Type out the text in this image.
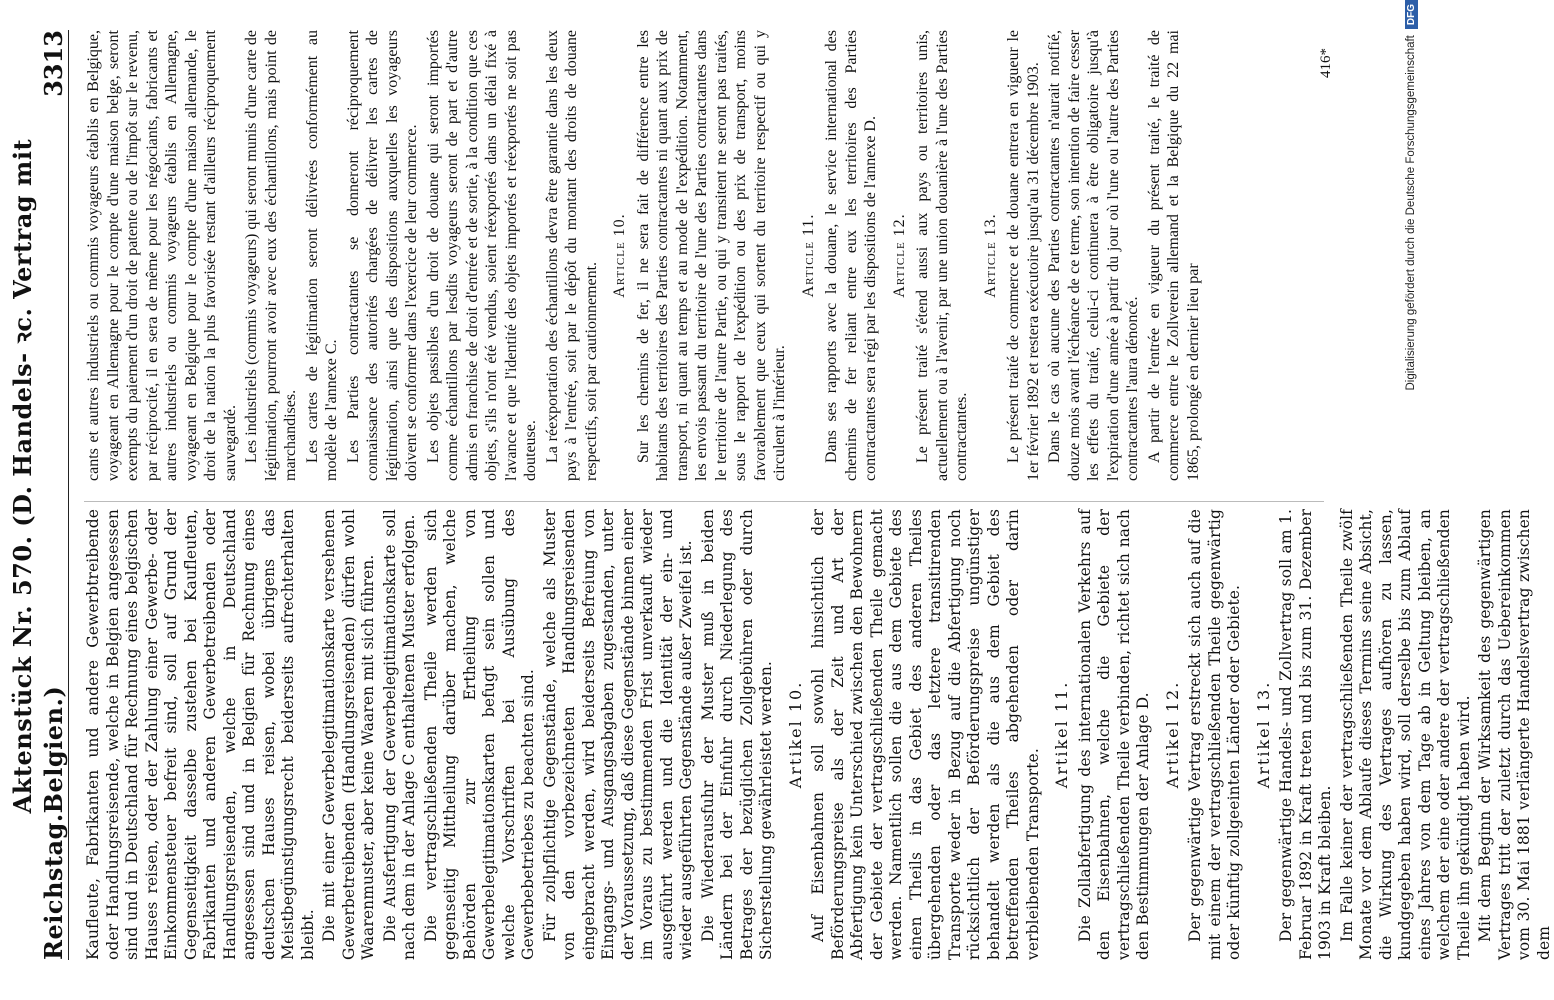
Reichstag.
Aktenstück Nr. 570. (D. Handels- ꝛc. Vertrag mit Belgien.)
3313

Kaufleute, Fabrikanten und andere Gewerbtreibende oder Handlungsreisende, welche in Belgien angesessen sind und in Deutschland für Rechnung eines belgischen Hauses reisen, oder der Zahlung einer Gewerbe- oder Einkommensteuer befreit sind, soll auf Grund der Gegenseitigkeit dasselbe zustehen bei Kaufleuten, Fabrikanten und anderen Gewerbetreibenden oder Handlungsreisenden, welche in Deutschland angesessen sind und in Belgien für Rechnung eines deutschen Hauses reisen, wobei übrigens das Meistbegünstigungsrecht beiderseits aufrechterhalten bleibt. Die mit einer Gewerbelegitimationskarte versehenen Gewerbetreibenden (Handlungsreisenden) dürfen wohl Waarenmuster, aber keine Waaren mit sich führen. Die Ausfertigung der Gewerbelegitimationskarte soll nach dem in der Anlage C enthaltenen Muster erfolgen. Die vertragschließenden Theile werden sich gegenseitig Mittheilung darüber machen, welche Behörden zur Ertheilung von Gewerbelegitimationskarten befugt sein sollen und welche Vorschriften bei Ausübung des Gewerbebetriebes zu beachten sind. Für zollpflichtige Gegenstände, welche als Muster von den vorbezeichneten Handlungsreisenden eingebracht werden, wird beiderseits Befreiung von Eingangs- und Ausgangsabgaben zugestanden, unter der Voraussetzung, daß diese Gegenstände binnen einer im Voraus zu bestimmenden Frist unverkauft wieder ausgeführt werden und die Identität der ein- und wieder ausgeführten Gegenstände außer Zweifel ist. Die Wiederausfuhr der Muster muß in beiden Ländern bei der Einfuhr durch Niederlegung des Betrages der bezüglichen Zollgebühren oder durch Sicherstellung gewährleistet werden. Artikel 10. Auf Eisenbahnen soll sowohl hinsichtlich der Beförderungspreise als der Zeit und Art der Abfertigung kein Unterschied zwischen den Bewohnern der Gebiete der vertragschließenden Theile gemacht werden. Namentlich sollen die aus dem Gebiete des einen Theils in das Gebiet des anderen Theiles übergehenden oder das letztere transitirenden Transporte weder in Bezug auf die Abfertigung noch rücksichtlich der Beförderungspreise ungünstiger behandelt werden als die aus dem Gebiet des betreffenden Theiles abgehenden oder darin verbleibenden Transporte.

Artikel 11. Die Zollabfertigung des internationalen Verkehrs auf den Eisenbahnen, welche die Gebiete der vertragschließenden Theile verbinden, richtet sich nach den Bestimmungen der Anlage D. Artikel 12. Der gegenwärtige Vertrag erstreckt sich auch auf die mit einem der vertragschließenden Theile gegenwärtig oder künftig zollgeeinten Länder oder Gebiete. Artikel 13. Der gegenwärtige Handels- und Zollvertrag soll am 1. Februar 1892 in Kraft treten und bis zum 31. Dezember 1903 in Kraft bleiben. Im Falle keiner der vertragschließenden Theile zwölf Monate vor dem Ablaufe dieses Termins seine Absicht, die Wirkung des Vertrages aufhören zu lassen, kundgegeben haben wird, soll derselbe bis zum Ablauf eines Jahres von dem Tage ab in Geltung bleiben, an welchem der eine oder andere der vertragschließenden Theile ihn gekündigt haben wird. Mit dem Beginn der Wirksamkeit des gegenwärtigen Vertrages tritt der zuletzt durch das Uebereinkommen vom 30. Mai 1881 verlängerte Handelsvertrag zwischen dem

cants et autres industriels ou commis voyageurs établis en Belgique, voyageant en Allemagne pour le compte d'une maison belge, seront exempts du paiement d'un droit de patente ou de l'impôt sur le revenu, par réciprocité, il en sera de même pour les négociants, fabricants et autres industriels ou commis voyageurs établis en Allemagne, voyageant en Belgique pour le compte d'une maison allemande, le droit de la nation la plus favorisée restant d'ailleurs réciproquement sauvegardé. Les industriels (commis voyageurs) qui seront munis d'une carte de légitimation, pourront avoir avec eux des échantillons, mais point de marchandises. Les cartes de légitimation seront délivrées conformément au modèle de l'annexe C. Les Parties contractantes se donneront réciproquement connaissance des autorités chargées de délivrer les cartes de légitimation, ainsi que des dispositions auxquelles les voyageurs doivent se conformer dans l'exercice de leur commerce. Les objets passibles d'un droit de douane qui seront importés comme échantillons par lesdits voyageurs seront de part et d'autre admis en franchise de droit d'entrée et de sortie, à la condition que ces objets, s'ils n'ont été vendus, soient réexportés dans un délai fixé à l'avance et que l'identité des objets importés et réexportés ne soit pas douteuse. La réexportation des échantillons devra être garantie dans les deux pays à l'entrée, soit par le dépôt du montant des droits de douane respectifs, soit par cautionnement.

Article 10. Sur les chemins de fer, il ne sera fait de différence entre les habitants des territoires des Parties contractantes ni quant aux prix de transport, ni quant au temps et au mode de l'expédition. Notamment, les envois passant du territoire de l'une des Parties contractantes dans le territoire de l'autre Partie, ou qui y transitent ne seront pas traités, sous le rapport de l'expédition ou des prix de transport, moins favorablement que ceux qui sortent du territoire respectif ou qui y circulent à l'intérieur.

Article 11. Dans ses rapports avec la douane, le service international des chemins de fer reliant entre eux les territoires des Parties contractantes sera régi par les dispositions de l'annexe D. Article 12. Le présent traité s'étend aussi aux pays ou territoires unis, actuellement ou à l'avenir, par une union douanière à l'une des Parties contractantes.

Article 13. Le présent traité de commerce et de douane entrera en vigueur le 1er février 1892 et restera exécutoire jusqu'au 31 décembre 1903. Dans le cas où aucune des Parties contractantes n'aurait notifié, douze mois avant l'échéance de ce terme, son intention de faire cesser les effets du traité, celui-ci continuera à être obligatoire jusqu'à l'expiration d'une année à partir du jour où l'une ou l'autre des Parties contractantes l'aura dénoncé. A partir de l'entrée en vigueur du présent traité, le traité de commerce entre le Zollverein allemand et la Belgique du 22 mai 1865, prolongé en dernier lieu par

416*	Digitalisierung gefördert durch die Deutsche Forschungsgemeinschaft
DFG
